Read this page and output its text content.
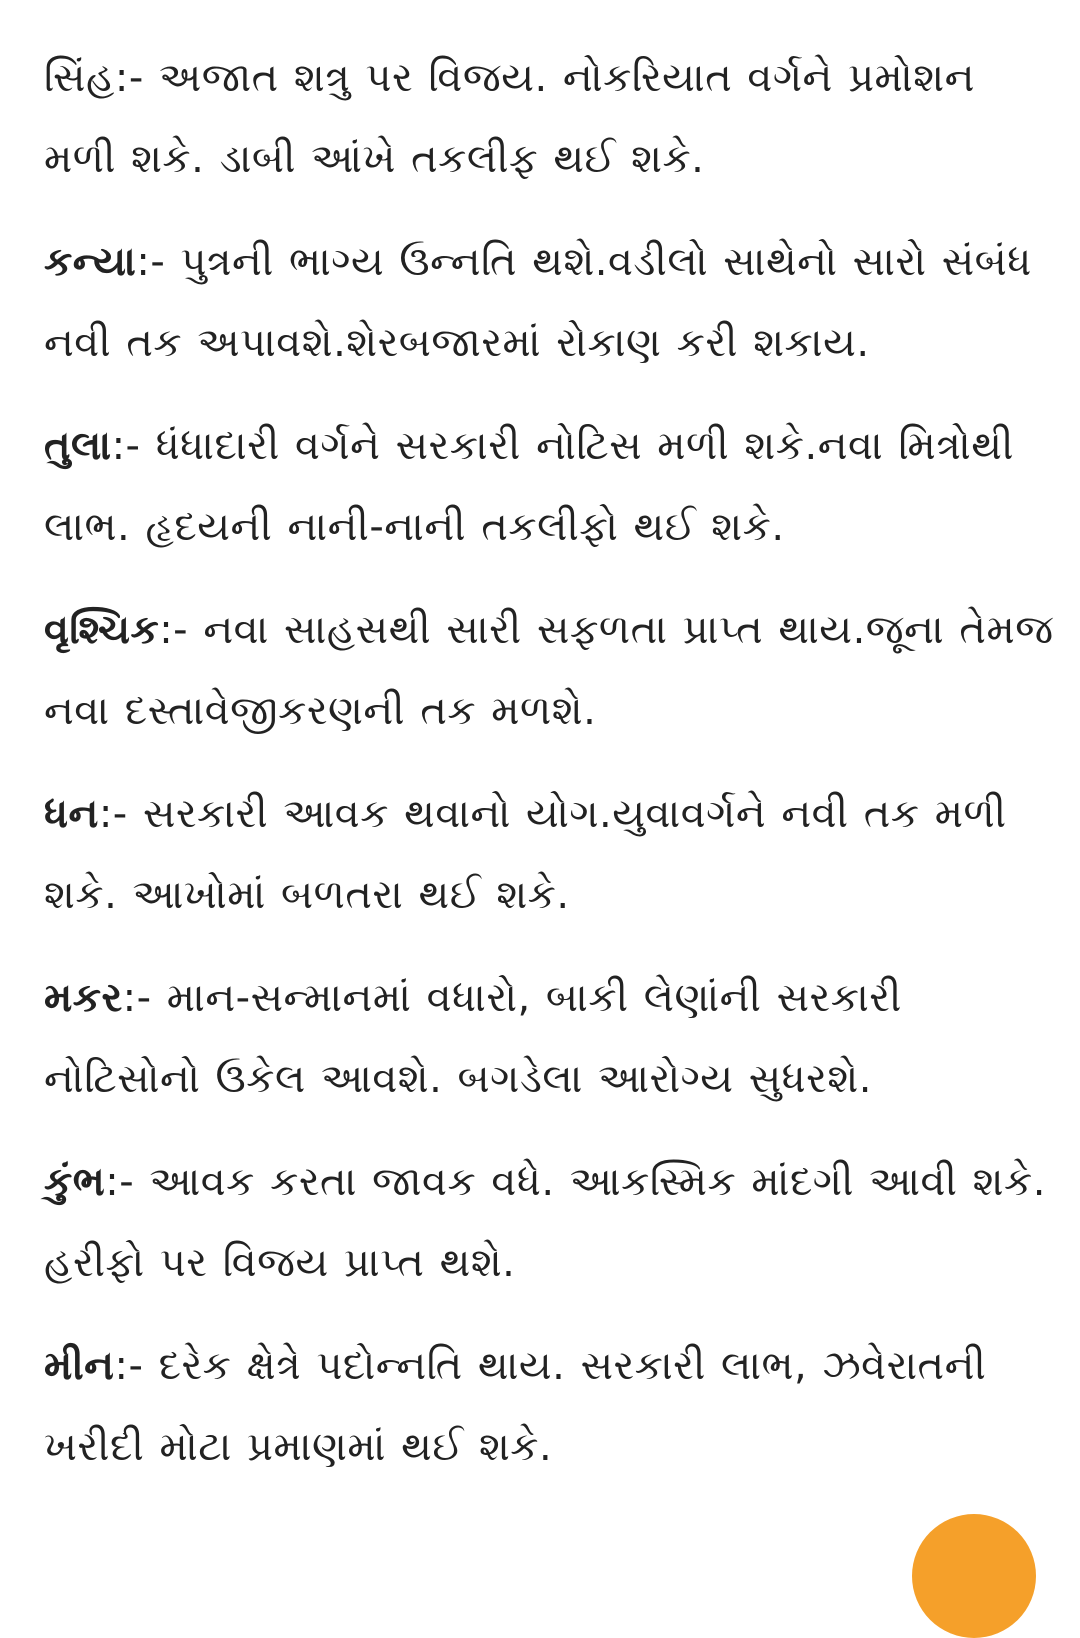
સિંહ:- અજાત શત્રુ પર વિજય. નોકરિયાત વર્ગને પ્રમોશન મળી શકે. ડાબી આંખે તકલીફ થઈ શકે.

કન્યા:- પુત્રની ભાગ્ય ઉન્નતિ થશે.વડીલો સાથેનો સારો સંબંધ નવી તક અપાવશે.શેરબજારમાં રોકાણ કરી શકાય.

તુલા:- ધંધાદારી વર્ગને સરકારી નોટિસ મળી શકે.નવા મિત્રોથી લાભ. હૃદયની નાની-નાની તકલીફો થઈ શકે.

વૃશ્ચિક:- નવા સાહસથી સારી સફળતા પ્રાપ્ત થાય.જૂના તેમજ નવા દસ્તાવેજીકરણની તક મળશે.

ધન:- સરકારી આવક થવાનો યોગ.યુવાવર્ગને નવી તક મળી શકે. આખોમાં બળતરા થઈ શકે.

મકર:- માન-સન્માનમાં વધારો, બાકી લેણાંની સરકારી નોટિસોનો ઉકેલ આવશે. બગડેલા આરોગ્ય સુધરશે.

કુંભ:- આવક કરતા જાવક વધે. આકસ્મિક માંદગી આવી શકે. હરીફો પર વિજય પ્રાપ્ત થશે.

મીન:- દરેક ક્ષેત્રે પદોન્નતિ થાય. સરકારી લાભ, ઝવેરાતની ખરીદી મોટા પ્રમાણમાં થઈ શકે.
